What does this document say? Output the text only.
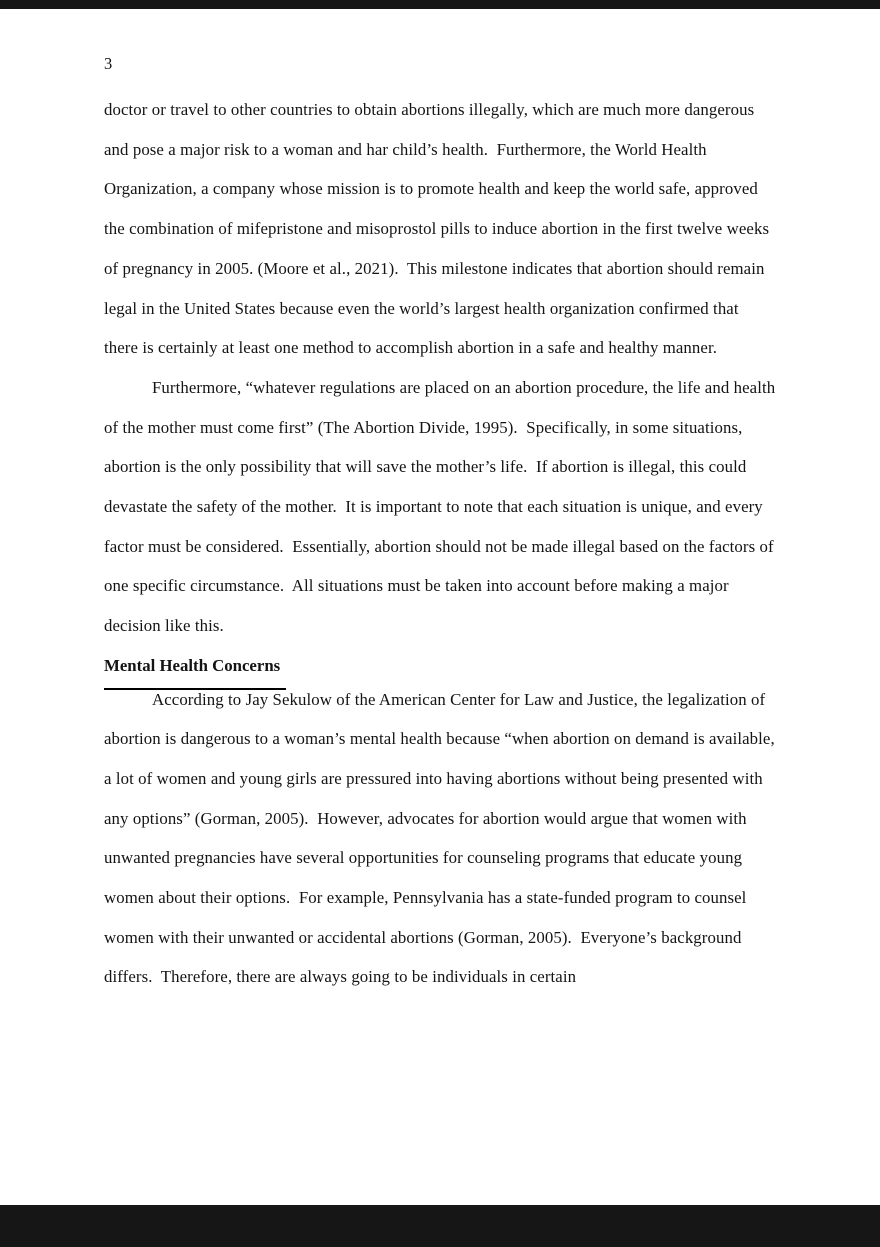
3

doctor or travel to other countries to obtain abortions illegally, which are much more dangerous and pose a major risk to a woman and har child’s health.  Furthermore, the World Health Organization, a company whose mission is to promote health and keep the world safe, approved the combination of mifepristone and misoprostol pills to induce abortion in the first twelve weeks of pregnancy in 2005. (Moore et al., 2021).  This milestone indicates that abortion should remain legal in the United States because even the world’s largest health organization confirmed that there is certainly at least one method to accomplish abortion in a safe and healthy manner.

Furthermore, “whatever regulations are placed on an abortion procedure, the life and health of the mother must come first” (The Abortion Divide, 1995).  Specifically, in some situations, abortion is the only possibility that will save the mother’s life.  If abortion is illegal, this could devastate the safety of the mother.  It is important to note that each situation is unique, and every factor must be considered.  Essentially, abortion should not be made illegal based on the factors of one specific circumstance.  All situations must be taken into account before making a major decision like this.

Mental Health Concerns

According to Jay Sekulow of the American Center for Law and Justice, the legalization of abortion is dangerous to a woman’s mental health because “when abortion on demand is available, a lot of women and young girls are pressured into having abortions without being presented with any options” (Gorman, 2005).  However, advocates for abortion would argue that women with unwanted pregnancies have several opportunities for counseling programs that educate young women about their options.  For example, Pennsylvania has a state-funded program to counsel women with their unwanted or accidental abortions (Gorman, 2005).  Everyone’s background differs.  Therefore, there are always going to be individuals in certain
